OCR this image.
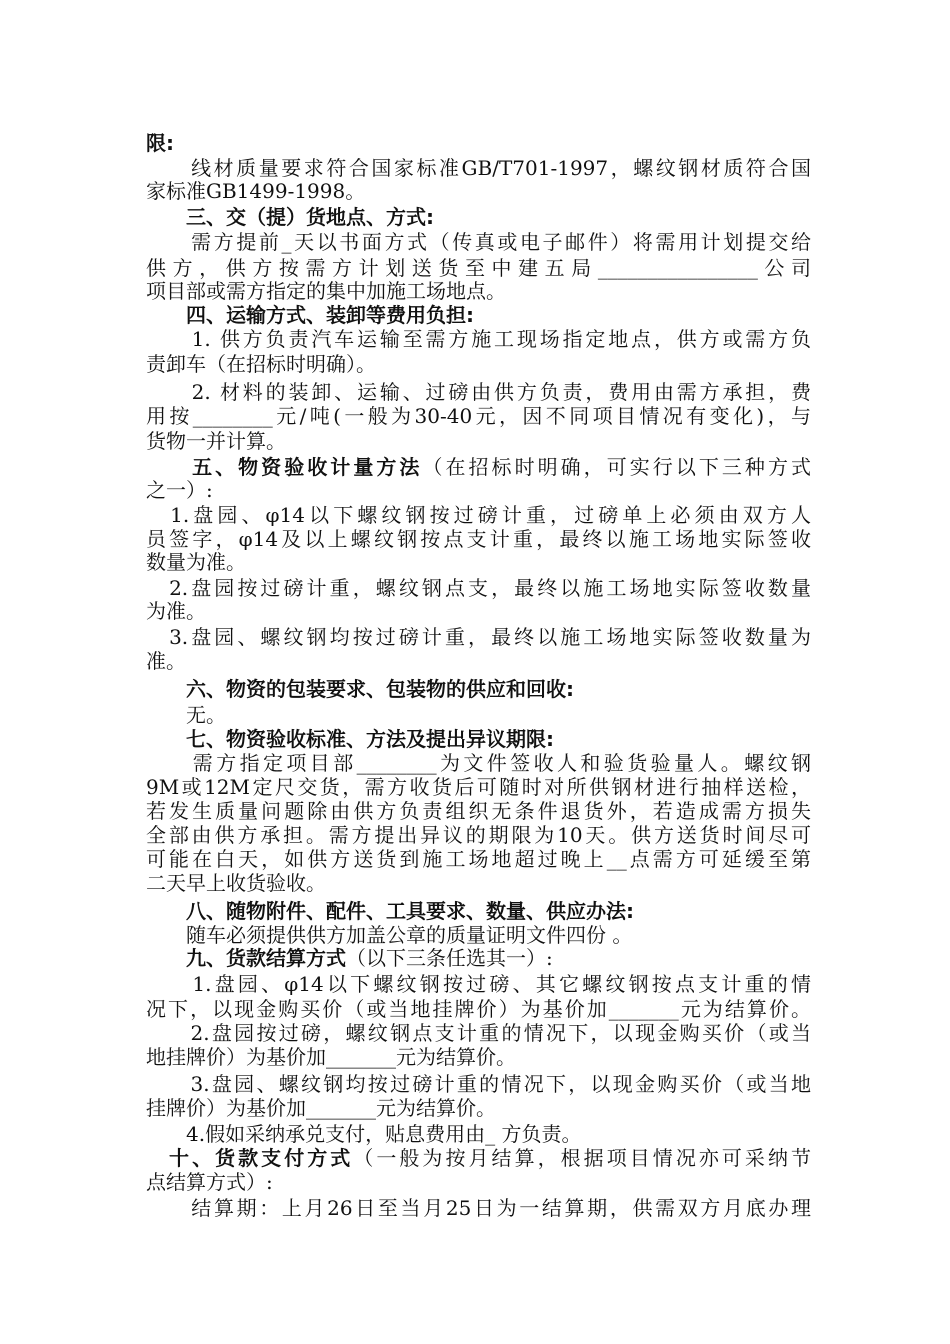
限:
　　线材质量要求符合国家标准GB/T701-1997，螺纹钢材质符合国
家标准GB1499-1998。
　　三、交（提）货地点、方式:
　　需方提前_天以书面方式（传真或电子邮件）将需用计划提交给
供方，供方按需方计划送货至中建五局________________公司
项目部或需方指定的集中加施工场地点。
　　四、运输方式、装卸等费用负担:
　　1. 供方负责汽车运输至需方施工现场指定地点，供方或需方负
责卸车（在招标时明确）。
　　2. 材料的装卸、运输、过磅由供方负责，费用由需方承担，费
用按________元/吨(一般为30-40元，因不同项目情况有变化)，与
货物一并计算。
　　五、物资验收计量方法（在招标时明确，可实行以下三种方式
之一）:
　1.盘园、φ14以下螺纹钢按过磅计重，过磅单上必须由双方人
员签字，φ14及以上螺纹钢按点支计重，最终以施工场地实际签收
数量为准。
　2.盘园按过磅计重，螺纹钢点支，最终以施工场地实际签收数量
为准。
　3.盘园、螺纹钢均按过磅计重，最终以施工场地实际签收数量为
准。
　　六、物资的包装要求、包装物的供应和回收:
　　无。
　　七、物资验收标准、方法及提出异议期限:
　　需方指定项目部________为文件签收人和验货验量人。螺纹钢
9M或12M定尺交货，需方收货后可随时对所供钢材进行抽样送检，
若发生质量问题除由供方负责组织无条件退货外，若造成需方损失
全部由供方承担。需方提出异议的期限为10天。供方送货时间尽可
可能在白天，如供方送货到施工场地超过晚上__点需方可延缓至第
二天早上收货验收。
　　八、随物附件、配件、工具要求、数量、供应办法:
　　随车必须提供供方加盖公章的质量证明文件四份 。
　　九、货款结算方式（以下三条任选其一）:
　　1.盘园、φ14以下螺纹钢按过磅、其它螺纹钢按点支计重的情
况下，以现金购买价（或当地挂牌价）为基价加_______元为结算价。
　　2.盘园按过磅，螺纹钢点支计重的情况下，以现金购买价（或当
地挂牌价）为基价加_______元为结算价。
　　3.盘园、螺纹钢均按过磅计重的情况下，以现金购买价（或当地
挂牌价）为基价加_______元为结算价。
　　4.假如采纳承兑支付，贴息费用由_ 方负责。
　十、货款支付方式（一般为按月结算，根据项目情况亦可采纳节
点结算方式）:
　　结算期：上月26日至当月25日为一结算期，供需双方月底办理
